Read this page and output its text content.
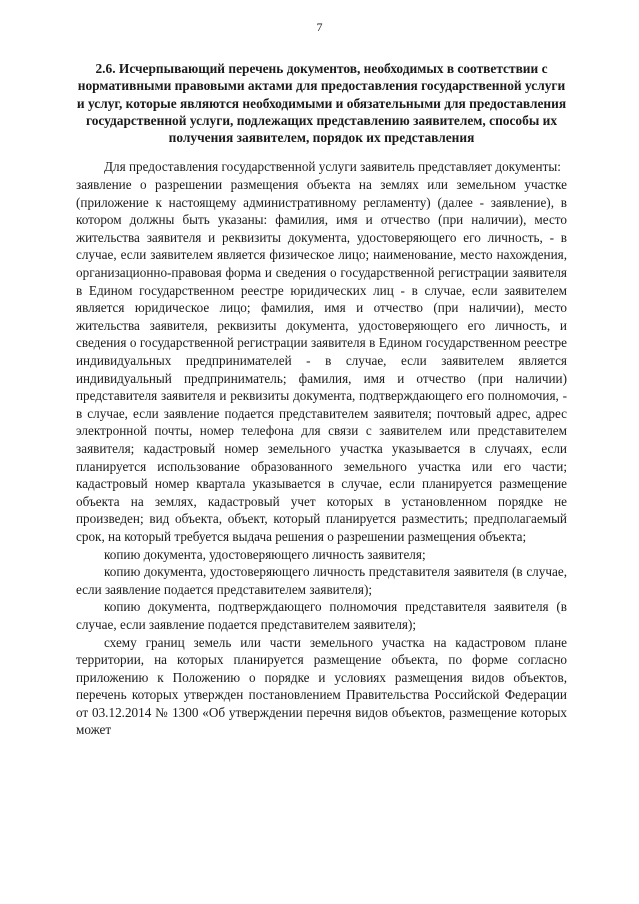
7
2.6. Исчерпывающий перечень документов, необходимых в соответствии с нормативными правовыми актами для предоставления государственной услуги и услуг, которые являются необходимыми и обязательными для предоставления государственной услуги, подлежащих представлению заявителем, способы их получения заявителем, порядок их представления

Для предоставления государственной услуги заявитель представляет документы:

заявление о разрешении размещения объекта на землях или земельном участке (приложение к настоящему административному регламенту) (далее - заявление), в котором должны быть указаны: фамилия, имя и отчество (при наличии), место жительства заявителя и реквизиты документа, удостоверяющего его личность, - в случае, если заявителем является физическое лицо; наименование, место нахождения, организационно-правовая форма и сведения о государственной регистрации заявителя в Едином государственном реестре юридических лиц - в случае, если заявителем является юридическое лицо; фамилия, имя и отчество (при наличии), место жительства заявителя, реквизиты документа, удостоверяющего его личность, и сведения о государственной регистрации заявителя в Едином государственном реестре индивидуальных предпринимателей - в случае, если заявителем является индивидуальный предприниматель; фамилия, имя и отчество (при наличии) представителя заявителя и реквизиты документа, подтверждающего его полномочия, - в случае, если заявление подается представителем заявителя; почтовый адрес, адрес электронной почты, номер телефона для связи с заявителем или представителем заявителя; кадастровый номер земельного участка указывается в случаях, если планируется использование образованного земельного участка или его части; кадастровый номер квартала указывается в случае, если планируется размещение объекта на землях, кадастровый учет которых в установленном порядке не произведен; вид объекта, объект, который планируется разместить; предполагаемый срок, на который требуется выдача решения о разрешении размещения объекта;

копию документа, удостоверяющего личность заявителя;

копию документа, удостоверяющего личность представителя заявителя (в случае, если заявление подается представителем заявителя);

копию документа, подтверждающего полномочия представителя заявителя (в случае, если заявление подается представителем заявителя);

схему границ земель или части земельного участка на кадастровом плане территории, на которых планируется размещение объекта, по форме согласно приложению к Положению о порядке и условиях размещения видов объектов, перечень которых утвержден постановлением Правительства Российской Федерации от 03.12.2014 № 1300 «Об утверждении перечня видов объектов, размещение которых может
